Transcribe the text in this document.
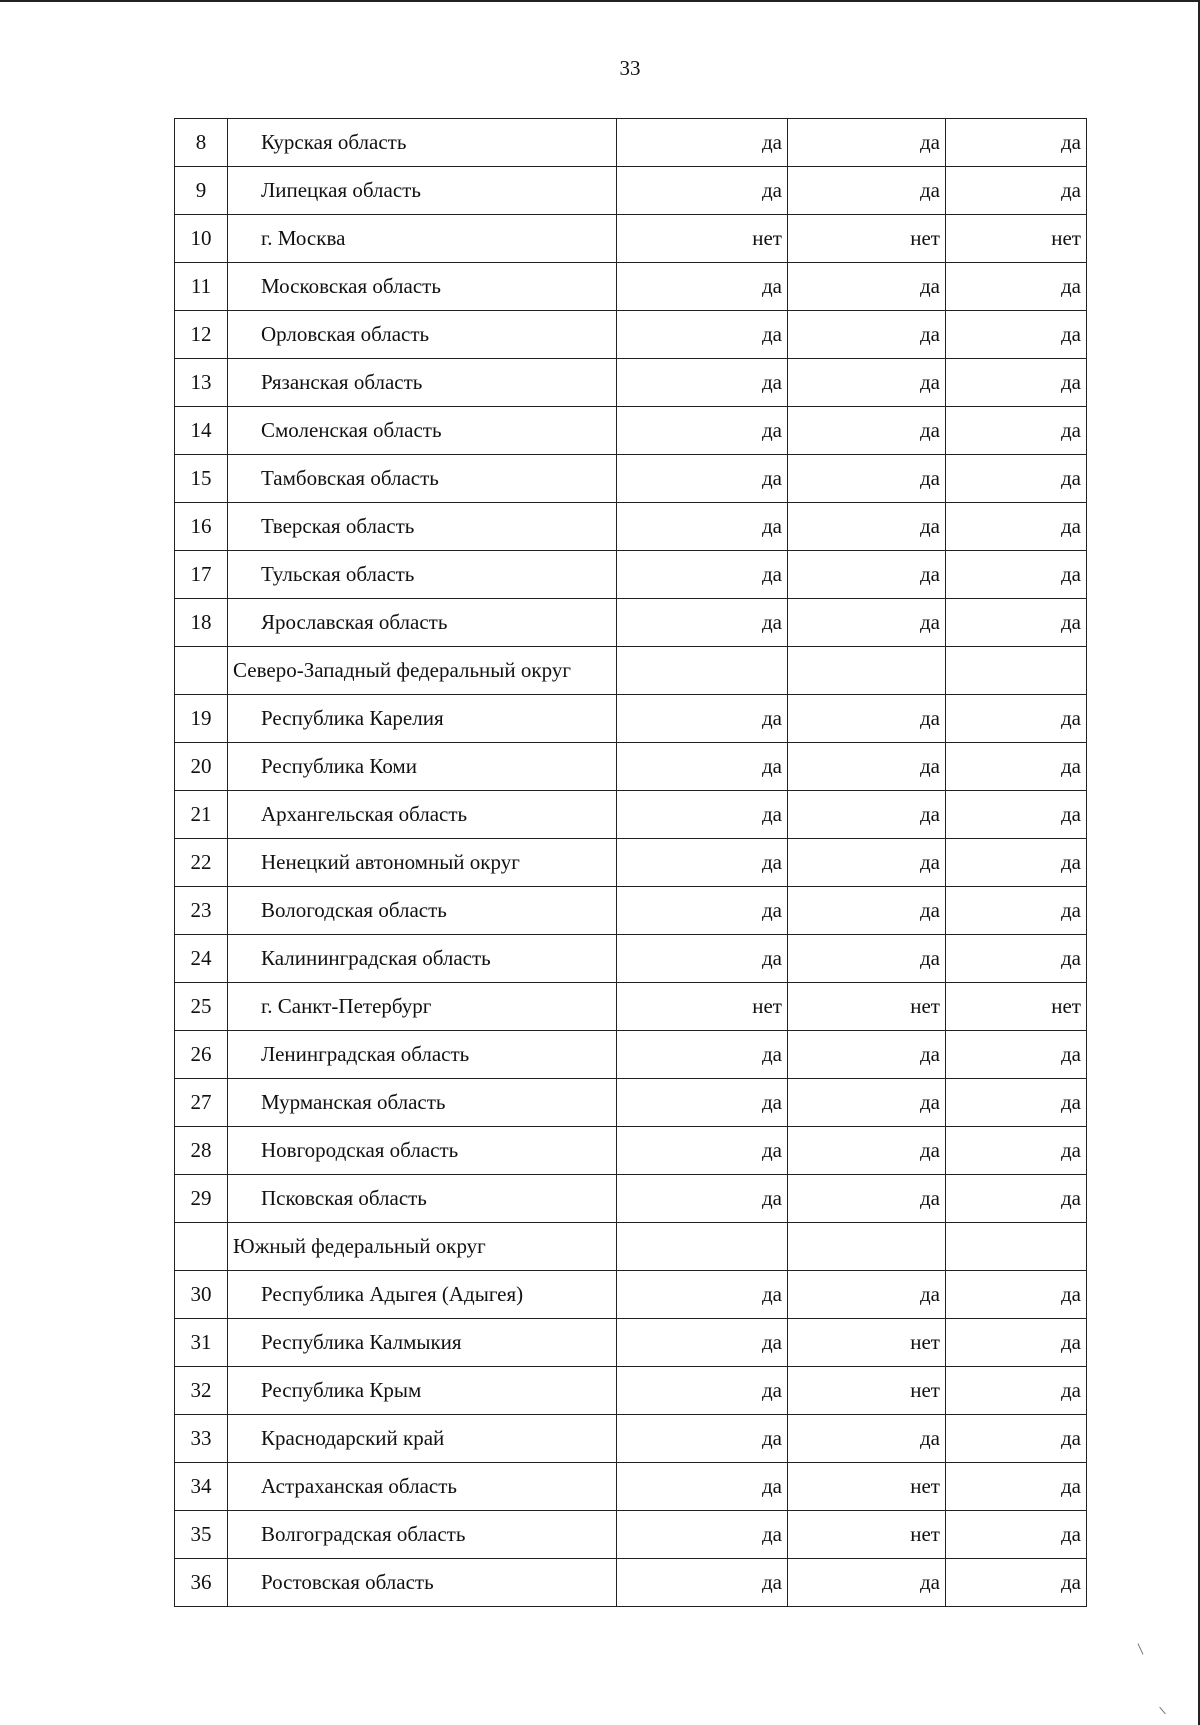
33
8	Курская область	да	да	да
9	Липецкая область	да	да	да
10	г. Москва	нет	нет	нет
11	Московская область	да	да	да
12	Орловская область	да	да	да
13	Рязанская область	да	да	да
14	Смоленская область	да	да	да
15	Тамбовская область	да	да	да
16	Тверская область	да	да	да
17	Тульская область	да	да	да
18	Ярославская область	да	да	да
	Северо-Западный федеральный округ			
19	Республика Карелия	да	да	да
20	Республика Коми	да	да	да
21	Архангельская область	да	да	да
22	Ненецкий автономный округ	да	да	да
23	Вологодская область	да	да	да
24	Калининградская область	да	да	да
25	г. Санкт-Петербург	нет	нет	нет
26	Ленинградская область	да	да	да
27	Мурманская область	да	да	да
28	Новгородская область	да	да	да
29	Псковская область	да	да	да
	Южный федеральный округ			
30	Республика Адыгея (Адыгея)	да	да	да
31	Республика Калмыкия	да	нет	да
32	Республика Крым	да	нет	да
33	Краснодарский край	да	да	да
34	Астраханская область	да	нет	да
35	Волгоградская область	да	нет	да
36	Ростовская область	да	да	да
